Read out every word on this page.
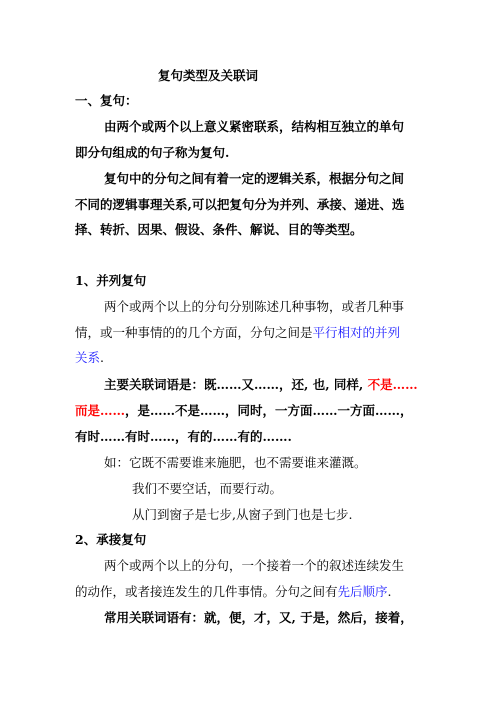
复句类型及关联词
一、复句：
由两个或两个以上意义紧密联系，结构相互独立的单句
即分句组成的句子称为复句.
复句中的分句之间有着一定的逻辑关系，根据分句之间
不同的逻辑事理关系,可以把复句分为并列、承接、递进、选
择、转折、因果、假设、条件、解说、目的等类型。
1、并列复句
两个或两个以上的分句分别陈述几种事物，或者几种事
情，或一种事情的的几个方面，分句之间是平行相对的并列
关系.
主要关联词语是：既……又……，还, 也, 同样, 不是……
而是……，是……不是……，同时，一方面……一方面……，
有时……有时……，有的……有的…….
如：它既不需要谁来施肥，也不需要谁来灌溉。
我们不要空话，而要行动。
从门到窗子是七步,从窗子到门也是七步.
2、承接复句
两个或两个以上的分句，一个接着一个的叙述连续发生
的动作，或者接连发生的几件事情。分句之间有先后顺序.
常用关联词语有：就，便，才，又, 于是，然后，接着，
